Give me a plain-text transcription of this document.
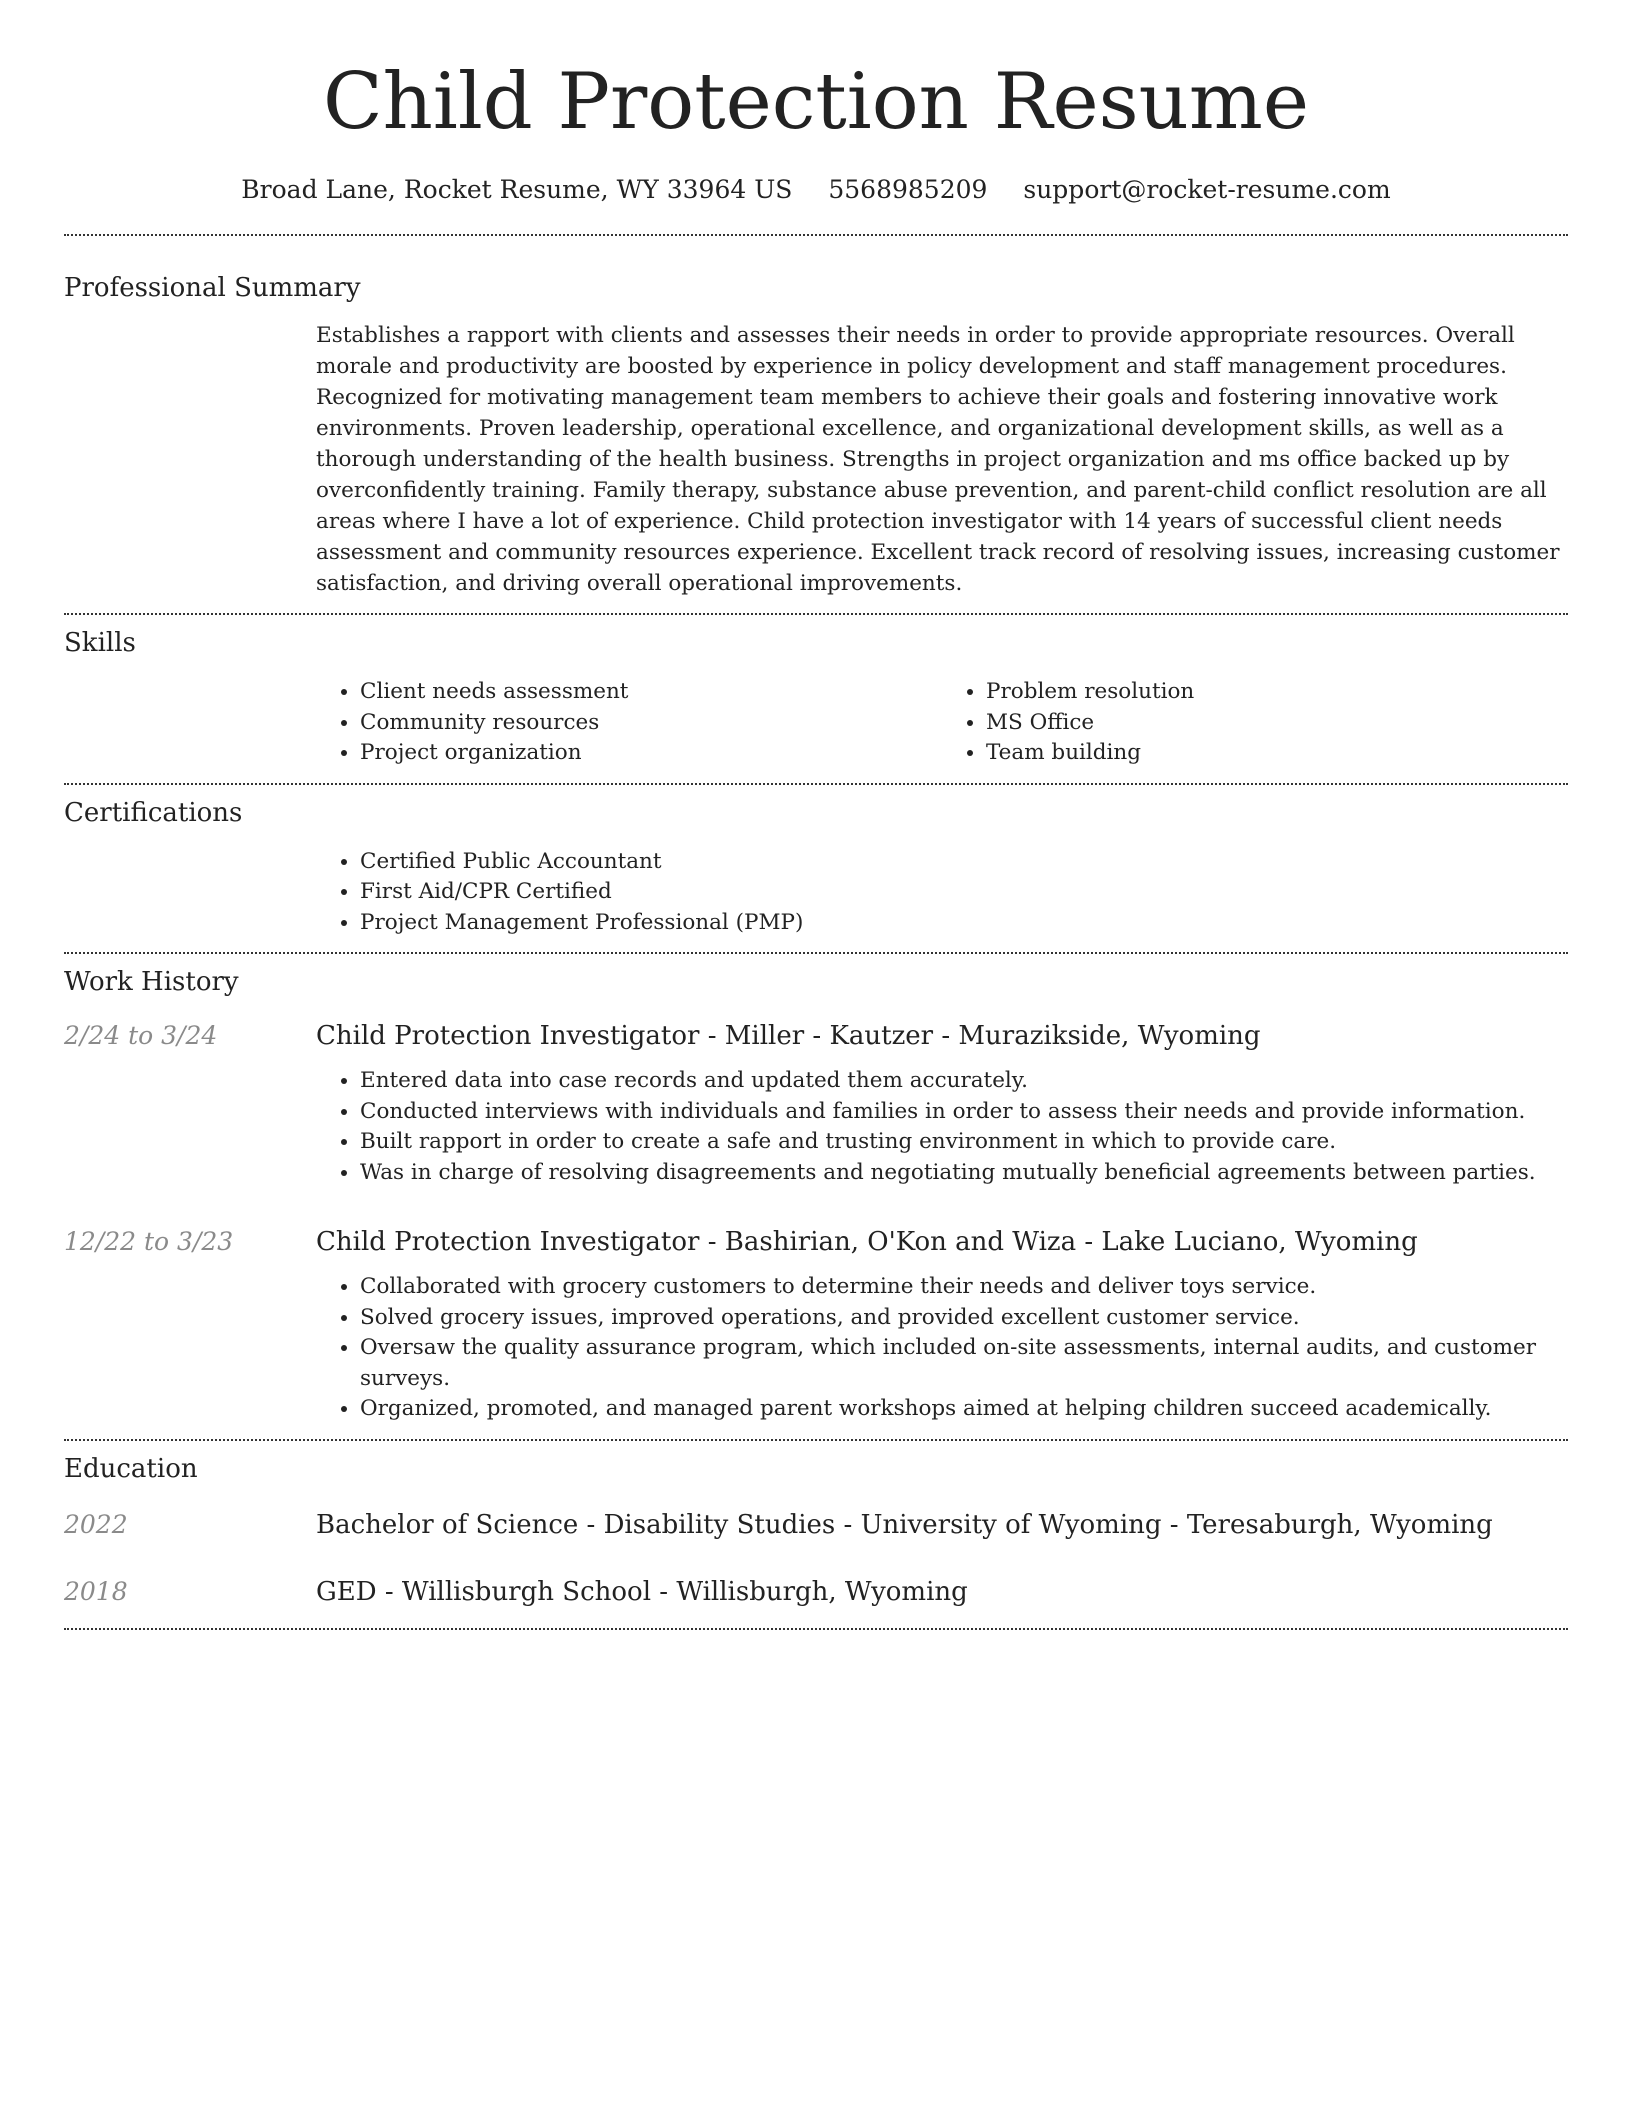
Child Protection Resume
Broad Lane, Rocket Resume, WY 33964 US 5568985209 support@rocket-resume.com
Professional Summary

Establishes a rapport with clients and assesses their needs in order to provide appropriate resources. Overall morale and productivity are boosted by experience in policy development and staff management procedures. Recognized for motivating management team members to achieve their goals and fostering innovative work environments. Proven leadership, operational excellence, and organizational development skills, as well as a thorough understanding of the health business. Strengths in project organization and ms office backed up by overconfidently training. Family therapy, substance abuse prevention, and parent-child conflict resolution are all areas where I have a lot of experience. Child protection investigator with 14 years of successful client needs assessment and community resources experience. Excellent track record of resolving issues, increasing customer satisfaction, and driving overall operational improvements.

Skills
• Client needs assessment
• Community resources
• Project organization
• Problem resolution
• MS Office
• Team building
Certifications
• Certified Public Accountant
• First Aid/CPR Certified
• Project Management Professional (PMP)
Work History
2/24 to 3/24	Child Protection Investigator - Miller - Kautzer - Murazikside, Wyoming
• Entered data into case records and updated them accurately.
• Conducted interviews with individuals and families in order to assess their needs and provide information.
• Built rapport in order to create a safe and trusting environment in which to provide care.
• Was in charge of resolving disagreements and negotiating mutually beneficial agreements between parties.
12/22 to 3/23	Child Protection Investigator - Bashirian, O'Kon and Wiza - Lake Luciano, Wyoming
• Collaborated with grocery customers to determine their needs and deliver toys service.
• Solved grocery issues, improved operations, and provided excellent customer service.
• Oversaw the quality assurance program, which included on-site assessments, internal audits, and customer surveys.
• Organized, promoted, and managed parent workshops aimed at helping children succeed academically.
Education
2022	Bachelor of Science - Disability Studies - University of Wyoming - Teresaburgh, Wyoming
2018	GED - Willisburgh School - Willisburgh, Wyoming
